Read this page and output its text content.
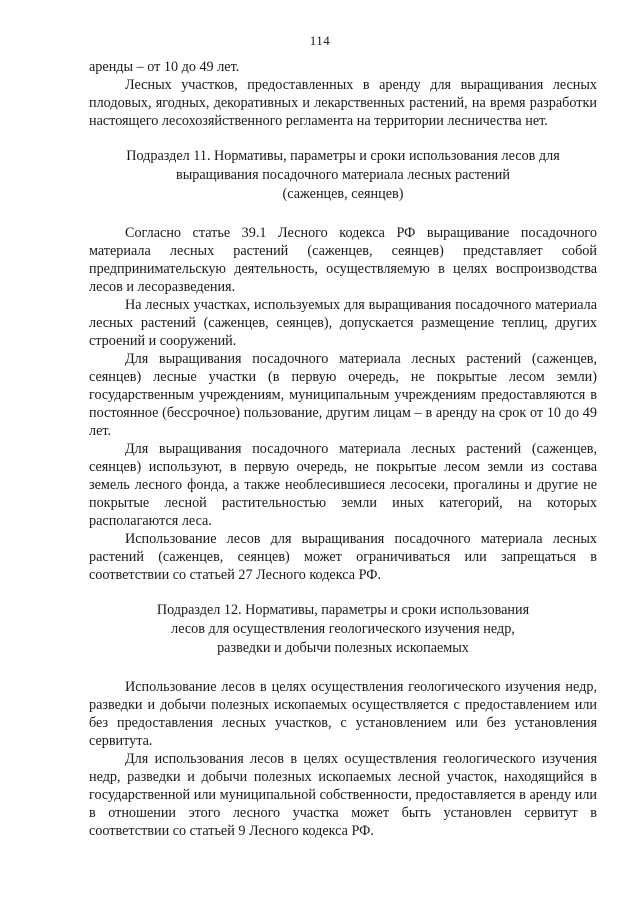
114

аренды – от 10 до 49 лет.

Лесных участков, предоставленных в аренду для выращивания лесных плодовых, ягодных, декоративных и лекарственных растений, на время разработки настоящего лесохозяйственного регламента на территории лесничества нет.

Подраздел 11. Нормативы, параметры и сроки использования лесов для

выращивания посадочного материала лесных растений

(саженцев, сеянцев)

Согласно статье 39.1 Лесного кодекса РФ выращивание посадочного материала лесных растений (саженцев, сеянцев) представляет собой предпринимательскую деятельность, осуществляемую в целях воспроизводства лесов и лесоразведения.

На лесных участках, используемых для выращивания посадочного материала лесных растений (саженцев, сеянцев), допускается размещение теплиц, других строений и сооружений.

Для выращивания посадочного материала лесных растений (саженцев, сеянцев) лесные участки (в первую очередь, не покрытые лесом земли) государственным учреждениям, муниципальным учреждениям предоставляются в постоянное (бессрочное) пользование, другим лицам – в аренду на срок от 10 до 49 лет.

Для выращивания посадочного материала лесных растений (саженцев, сеянцев) используют, в первую очередь, не покрытые лесом земли из состава земель лесного фонда, а также необлесившиеся лесосеки, прогалины и другие не покрытые лесной растительностью земли иных категорий, на которых располагаются леса.

Использование лесов для выращивания посадочного материала лесных растений (саженцев, сеянцев) может ограничиваться или запрещаться в соответствии со статьей 27 Лесного кодекса РФ.

Подраздел 12. Нормативы, параметры и сроки использования

лесов для осуществления геологического изучения недр,

разведки и добычи полезных ископаемых

Использование лесов в целях осуществления геологического изучения недр, разведки и добычи полезных ископаемых осуществляется с предоставлением или без предоставления лесных участков, с установлением или без установления сервитута.

Для использования лесов в целях осуществления геологического изучения недр, разведки и добычи полезных ископаемых лесной участок, находящийся в государственной или муниципальной собственности, предоставляется в аренду или в отношении этого лесного участка может быть установлен сервитут в соответствии со статьей 9 Лесного кодекса РФ.
